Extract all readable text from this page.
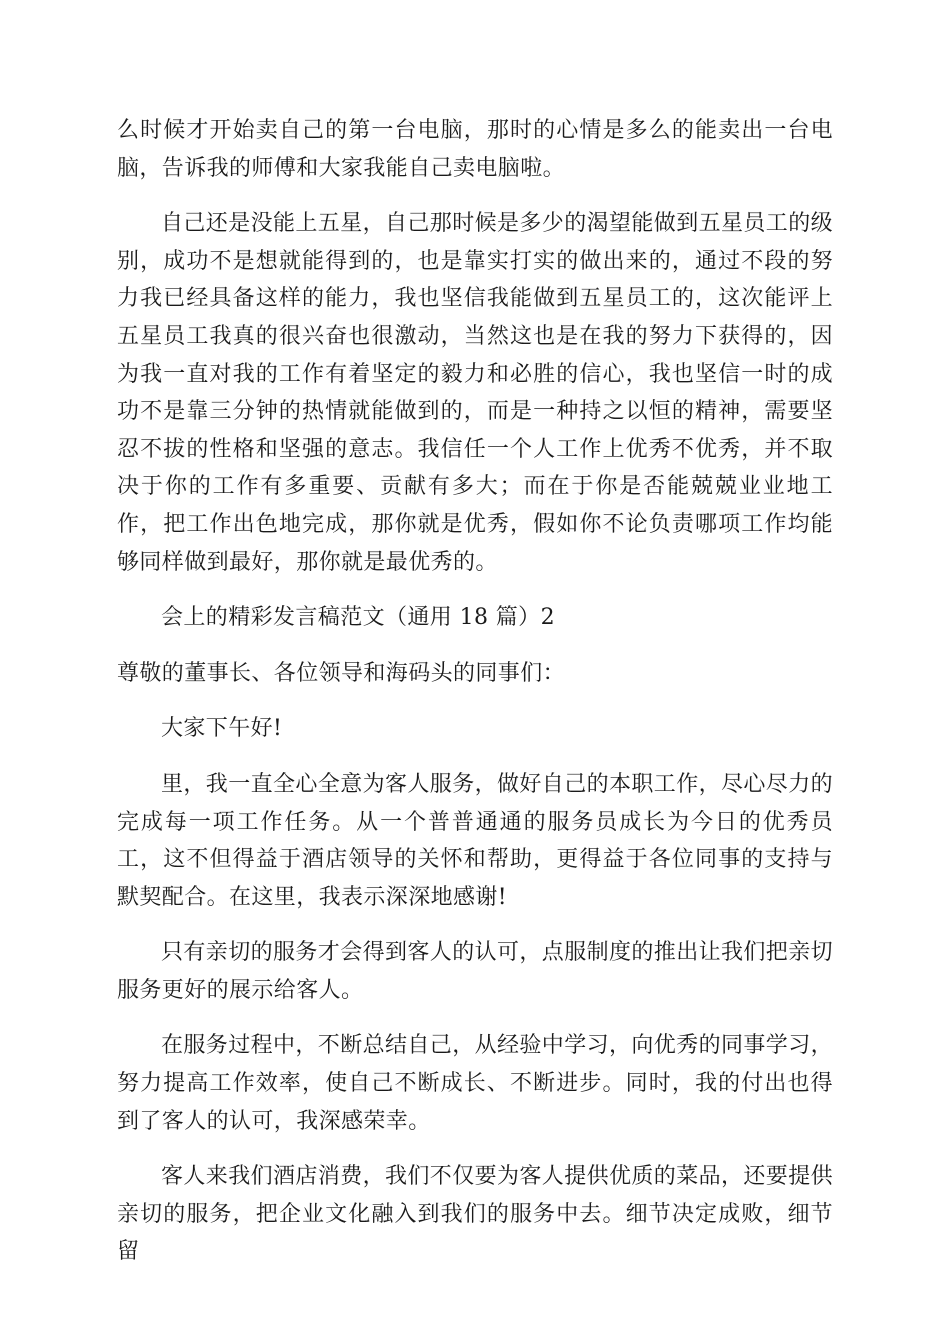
么时候才开始卖自己的第一台电脑，那时的心情是多么的能卖出一台电脑，告诉我的师傅和大家我能自己卖电脑啦。

自己还是没能上五星，自己那时候是多少的渴望能做到五星员工的级别，成功不是想就能得到的，也是靠实打实的做出来的，通过不段的努力我已经具备这样的能力，我也坚信我能做到五星员工的，这次能评上五星员工我真的很兴奋也很激动，当然这也是在我的努力下获得的，因为我一直对我的工作有着坚定的毅力和必胜的信心，我也坚信一时的成功不是靠三分钟的热情就能做到的，而是一种持之以恒的精神，需要坚忍不拔的性格和坚强的意志。我信任一个人工作上优秀不优秀，并不取决于你的工作有多重要、贡献有多大；而在于你是否能兢兢业业地工作，把工作出色地完成，那你就是优秀，假如你不论负责哪项工作均能够同样做到最好，那你就是最优秀的。

会上的精彩发言稿范文（通用 18 篇）2

尊敬的董事长、各位领导和海码头的同事们：

大家下午好!

里，我一直全心全意为客人服务，做好自己的本职工作，尽心尽力的完成每一项工作任务。从一个普普通通的服务员成长为今日的优秀员工，这不但得益于酒店领导的关怀和帮助，更得益于各位同事的支持与默契配合。在这里，我表示深深地感谢!

只有亲切的服务才会得到客人的认可，点服制度的推出让我们把亲切服务更好的展示给客人。

在服务过程中，不断总结自己，从经验中学习，向优秀的同事学习，努力提高工作效率，使自己不断成长、不断进步。同时，我的付出也得到了客人的认可，我深感荣幸。

客人来我们酒店消费，我们不仅要为客人提供优质的菜品，还要提供亲切的服务，把企业文化融入到我们的服务中去。细节决定成败，细节留
